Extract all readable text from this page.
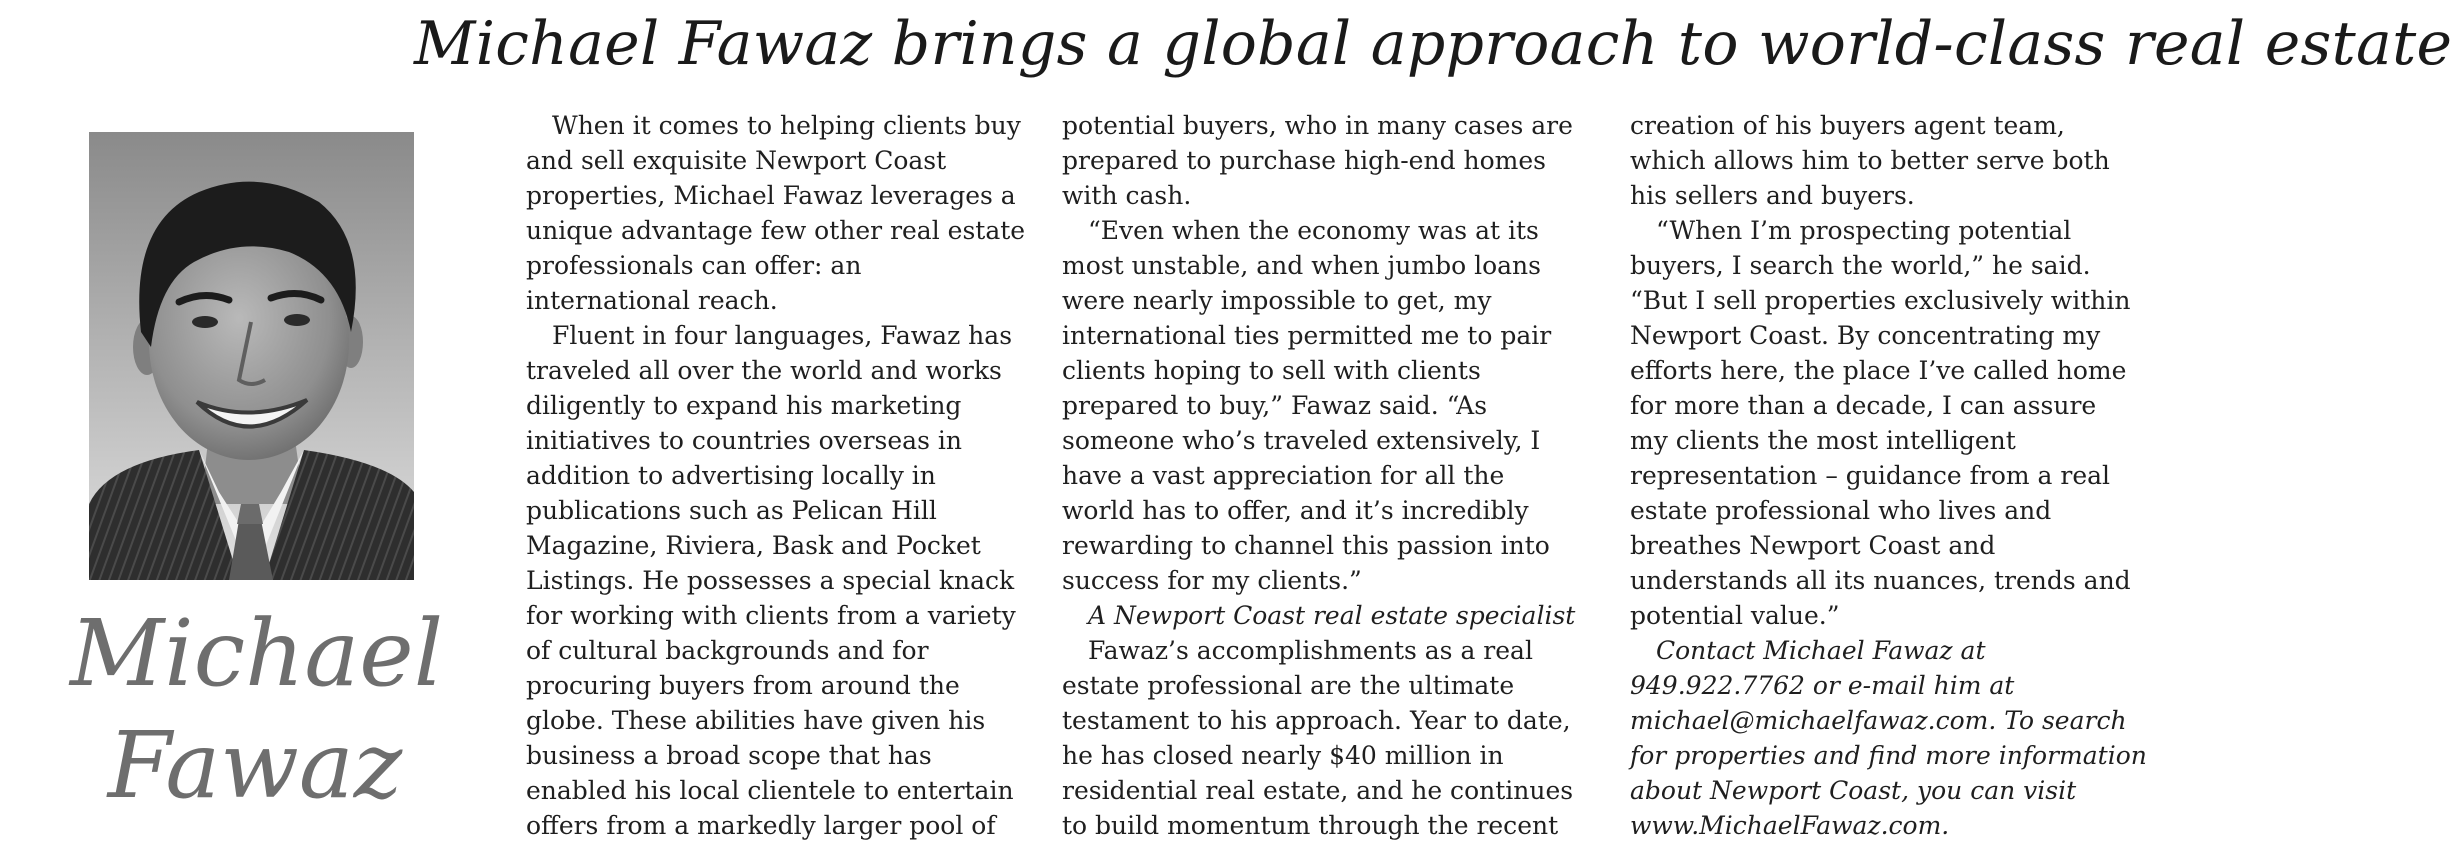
Michael Fawaz brings a global approach to world-class real estate
Michael
Fawaz
When it comes to helping clients buy
and sell exquisite Newport Coast
properties, Michael Fawaz leverages a
unique advantage few other real estate
professionals can offer: an
international reach.
Fluent in four languages, Fawaz has
traveled all over the world and works
diligently to expand his marketing
initiatives to countries overseas in
addition to advertising locally in
publications such as Pelican Hill
Magazine, Riviera, Bask and Pocket
Listings. He possesses a special knack
for working with clients from a variety
of cultural backgrounds and for
procuring buyers from around the
globe. These abilities have given his
business a broad scope that has
enabled his local clientele to entertain
offers from a markedly larger pool of
potential buyers, who in many cases are
prepared to purchase high-end homes
with cash.
“Even when the economy was at its
most unstable, and when jumbo loans
were nearly impossible to get, my
international ties permitted me to pair
clients hoping to sell with clients
prepared to buy,” Fawaz said. “As
someone who’s traveled extensively, I
have a vast appreciation for all the
world has to offer, and it’s incredibly
rewarding to channel this passion into
success for my clients.”
A Newport Coast real estate specialist
Fawaz’s accomplishments as a real
estate professional are the ultimate
testament to his approach. Year to date,
he has closed nearly $40 million in
residential real estate, and he continues
to build momentum through the recent
creation of his buyers agent team,
which allows him to better serve both
his sellers and buyers.
“When I’m prospecting potential
buyers, I search the world,” he said.
“But I sell properties exclusively within
Newport Coast. By concentrating my
efforts here, the place I’ve called home
for more than a decade, I can assure
my clients the most intelligent
representation – guidance from a real
estate professional who lives and
breathes Newport Coast and
understands all its nuances, trends and
potential value.”
Contact Michael Fawaz at
949.922.7762 or e-mail him at
michael@michaelfawaz.com. To search
for properties and find more information
about Newport Coast, you can visit
www.MichaelFawaz.com.
